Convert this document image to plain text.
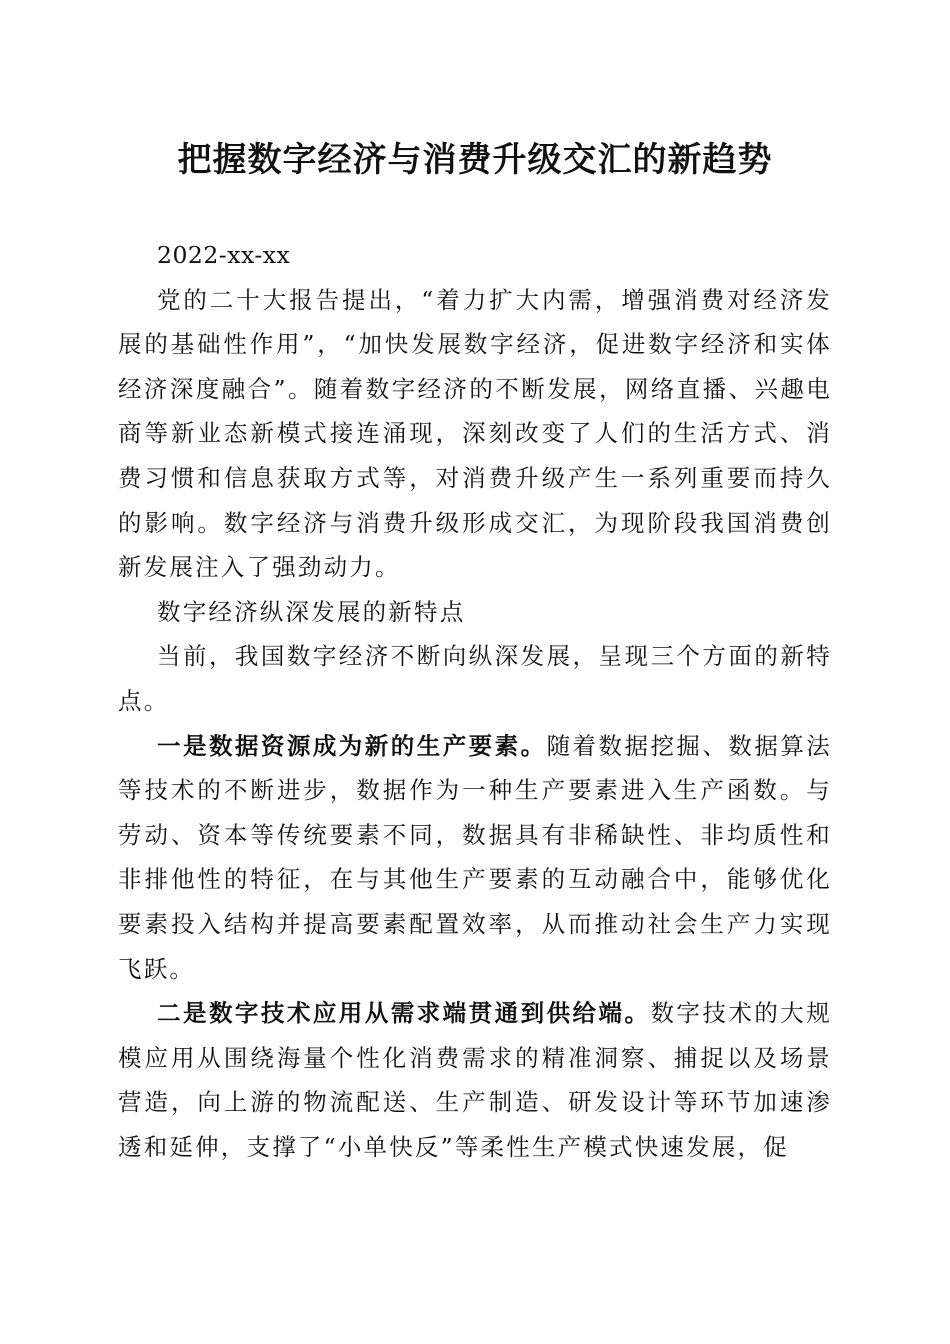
把握数字经济与消费升级交汇的新趋势

2022-xx-xx

党的二十大报告提出，“着力扩大内需，增强消费对经济发展的基础性作用”，“加快发展数字经济，促进数字经济和实体经济深度融合”。随着数字经济的不断发展，网络直播、兴趣电商等新业态新模式接连涌现，深刻改变了人们的生活方式、消费习惯和信息获取方式等，对消费升级产生一系列重要而持久的影响。数字经济与消费升级形成交汇，为现阶段我国消费创新发展注入了强劲动力。

数字经济纵深发展的新特点

当前，我国数字经济不断向纵深发展，呈现三个方面的新特点。

一是数据资源成为新的生产要素。随着数据挖掘、数据算法等技术的不断进步，数据作为一种生产要素进入生产函数。与劳动、资本等传统要素不同，数据具有非稀缺性、非均质性和非排他性的特征，在与其他生产要素的互动融合中，能够优化要素投入结构并提高要素配置效率，从而推动社会生产力实现飞跃。

二是数字技术应用从需求端贯通到供给端。数字技术的大规模应用从围绕海量个性化消费需求的精准洞察、捕捉以及场景营造，向上游的物流配送、生产制造、研发设计等环节加速渗透和延伸，支撑了“小单快反”等柔性生产模式快速发展，促
